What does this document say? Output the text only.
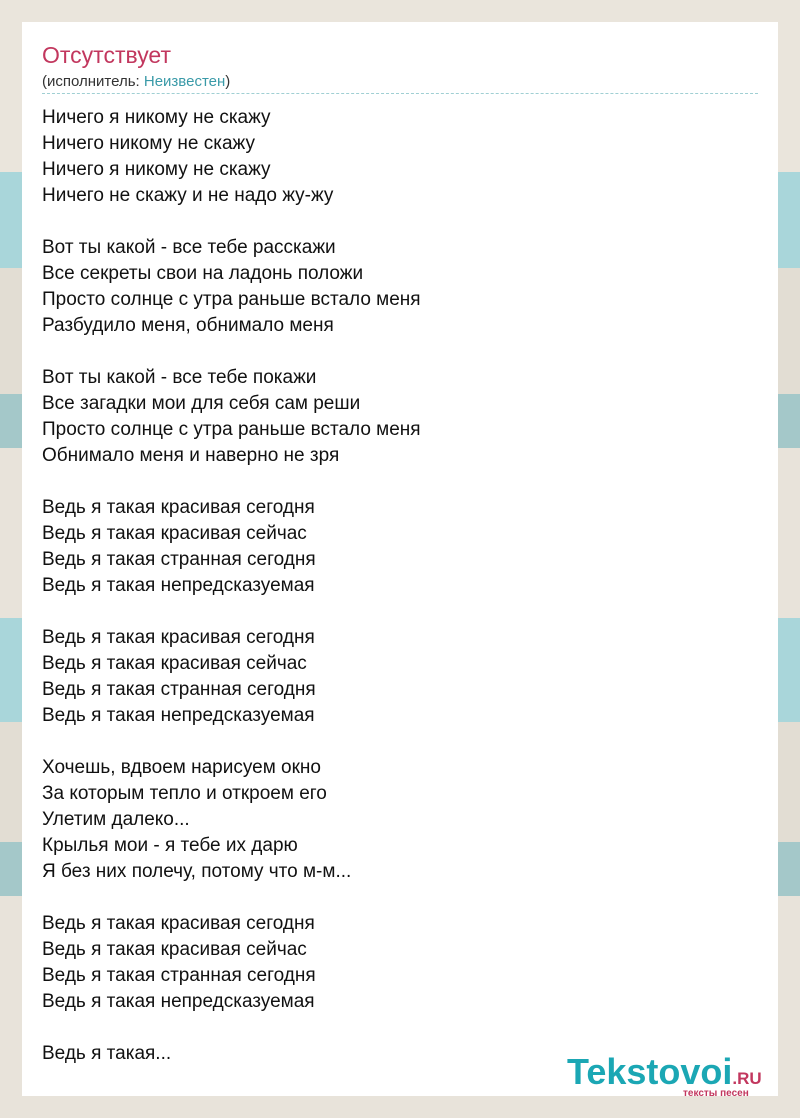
Отсутствует
(исполнитель: Неизвестен)
Ничего я никому не скажу
Ничего никому не скажу
Ничего я никому не скажу
Ничего не скажу и не надо жу-жу
Вот ты какой - все тебе расскажи
Все секреты свои на ладонь положи
Просто солнце с утра раньше встало меня
Разбудило меня, обнимало меня
Вот ты какой - все тебе покажи
Все загадки мои для себя сам реши
Просто солнце с утра раньше встало меня
Обнимало меня и наверно не зря
Ведь я такая красивая сегодня
Ведь я такая красивая сейчас
Ведь я такая странная сегодня
Ведь я такая непредсказуемая
Ведь я такая красивая сегодня
Ведь я такая красивая сейчас
Ведь я такая странная сегодня
Ведь я такая непредсказуемая
Хочешь, вдвоем нарисуем окно
За которым тепло и откроем его
Улетим далеко...
Крылья мои - я тебе их дарю
Я без них полечу, потому что м-м...
Ведь я такая красивая сегодня
Ведь я такая красивая сейчас
Ведь я такая странная сегодня
Ведь я такая непредсказуемая
Ведь я такая...	Tekstovoi.RU
тексты песен
